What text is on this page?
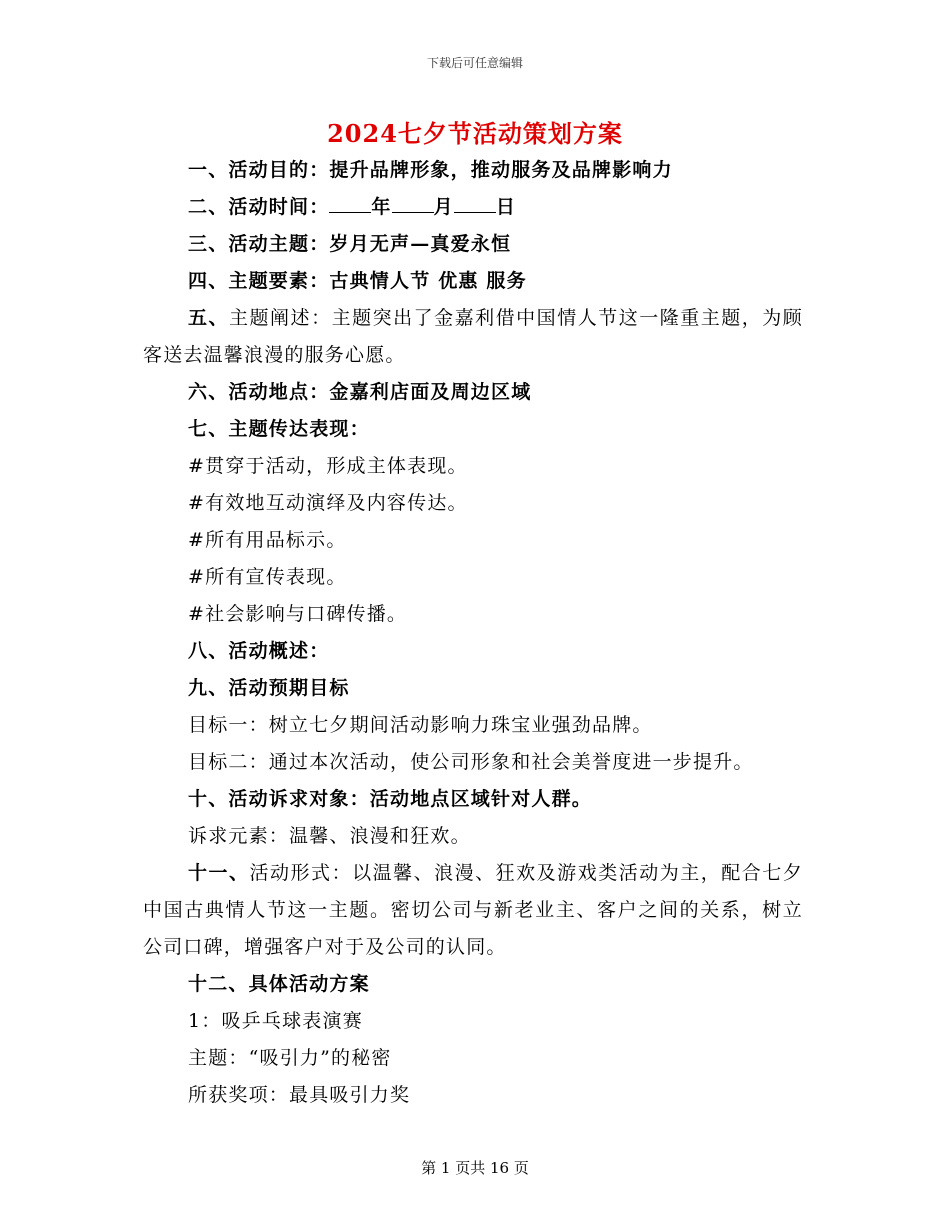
下载后可任意编辑
2024七夕节活动策划方案
一、活动目的：提升品牌形象，推动服务及品牌影响力
二、活动时间： 年 月 日
三、活动主题：岁月无声—真爱永恒
四、主题要素：古典情人节 优惠 服务
五、主题阐述：主题突出了金嘉利借中国情人节这一隆重主题，为顾客送去温馨浪漫的服务心愿。
六、活动地点：金嘉利店面及周边区域
七、主题传达表现：
#贯穿于活动，形成主体表现。
#有效地互动演绎及内容传达。
#所有用品标示。
#所有宣传表现。
#社会影响与口碑传播。
八、活动概述：
九、活动预期目标
目标一：树立七夕期间活动影响力珠宝业强劲品牌。
目标二：通过本次活动，使公司形象和社会美誉度进一步提升。
十、活动诉求对象：活动地点区域针对人群。
诉求元素：温馨、浪漫和狂欢。
十一、活动形式：以温馨、浪漫、狂欢及游戏类活动为主，配合七夕中国古典情人节这一主题。密切公司与新老业主、客户之间的关系，树立公司口碑，增强客户对于及公司的认同。
十二、具体活动方案
1：吸乒乓球表演赛
主题：“吸引力”的秘密
所获奖项：最具吸引力奖
第 1 页共 16 页
